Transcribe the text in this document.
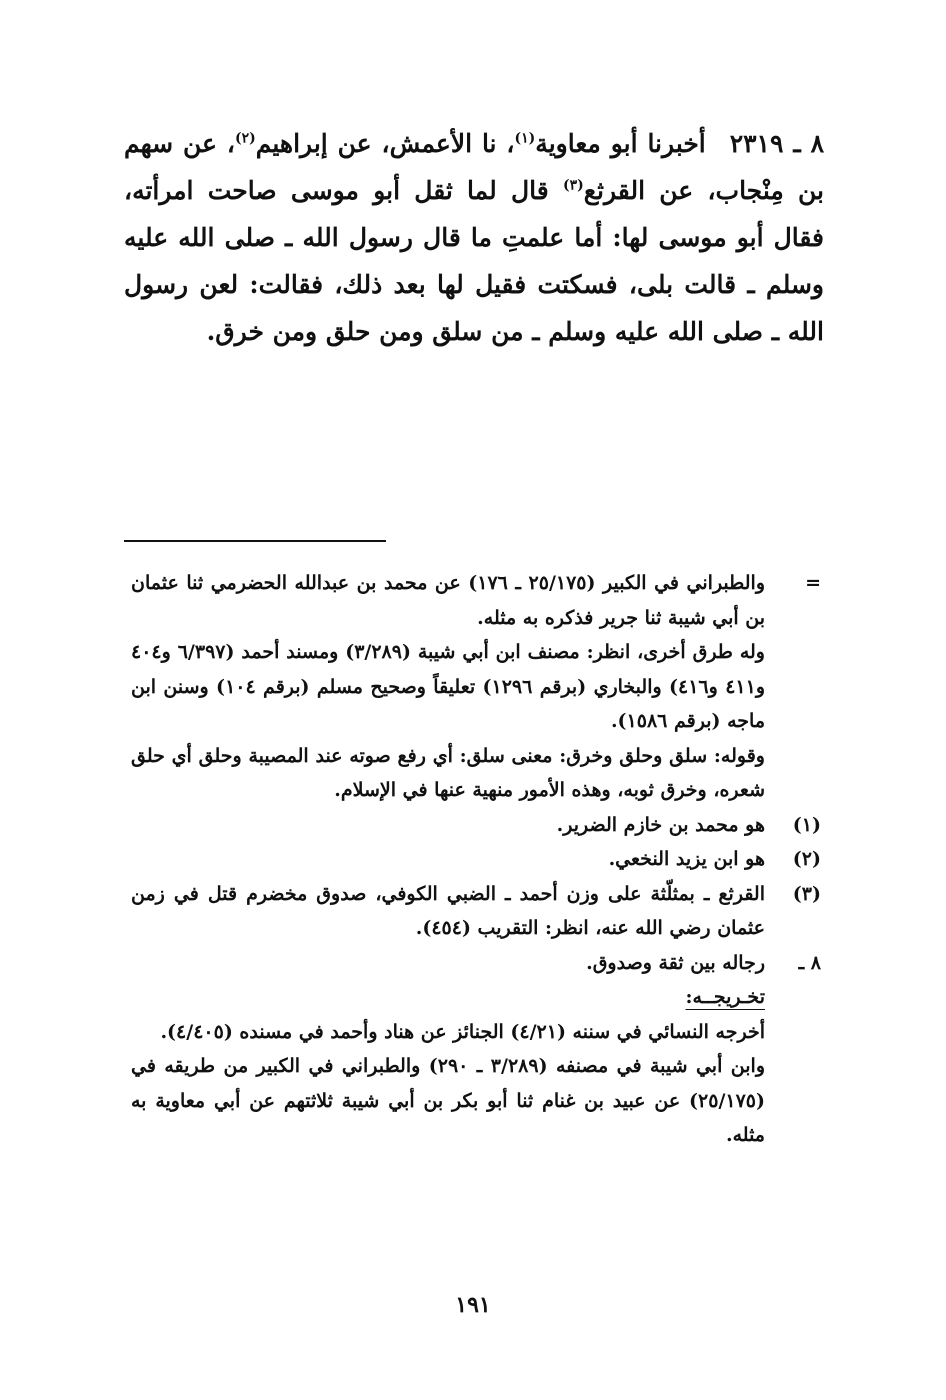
٨ ـ ٢٣١٩ أخبرنا أبو معاوية$^{(١)}$، نا الأعمش، عن إبراهيم$^{(٢)}$، عن سهم بن مِنْجاب، عن القرثع$^{(٣)}$ قال لما ثقل أبو موسى صاحت امرأته، فقال أبو موسى لها: أما علمتِ ما قال رسول الله ـ صلى الله عليه وسلم ـ قالت بلى، فسكتت فقيل لها بعد ذلك، فقالت: لعن رسول الله ـ صلى الله عليه وسلم ـ من سلق ومن حلق ومن خرق.
=

والطبراني في الكبير (٢٥/١٧٥ ـ ١٧٦) عن محمد بن عبدالله الحضرمي ثنا عثمان بن أبي شيبة ثنا جرير فذكره به مثله.

وله طرق أخرى، انظر: مصنف ابن أبي شيبة (٣/٢٨٩) ومسند أحمد (٦/٣٩٧ و٤٠٤ و٤١١ و٤١٦) والبخاري (برقم ١٢٩٦) تعليقاً وصحيح مسلم (برقم ١٠٤) وسنن ابن ماجه (برقم ١٥٨٦).

وقوله: سلق وحلق وخرق: معنى سلق: أي رفع صوته عند المصيبة وحلق أي حلق شعره، وخرق ثوبه، وهذه الأمور منهية عنها في الإسلام.

(١)
هو محمد بن خازم الضرير.
(٢)
هو ابن يزيد النخعي.
(٣)
القرثع ـ بمثلّثة على وزن أحمد ـ الضبي الكوفي، صدوق مخضرم قتل في زمن عثمان رضي الله عنه، انظر: التقريب (٤٥٤).
٨ ـ
رجاله بين ثقة وصدوق.
تخـريجــه:

أخرجه النسائي في سننه (٤/٢١) الجنائز عن هناد وأحمد في مسنده (٤/٤٠٥).

وابن أبي شيبة في مصنفه (٣/٢٨٩ ـ ٢٩٠) والطبراني في الكبير من طريقه في (٢٥/١٧٥) عن عبيد بن غنام ثنا أبو بكر بن أبي شيبة ثلاثتهم عن أبي معاوية به مثله.

١٩١
